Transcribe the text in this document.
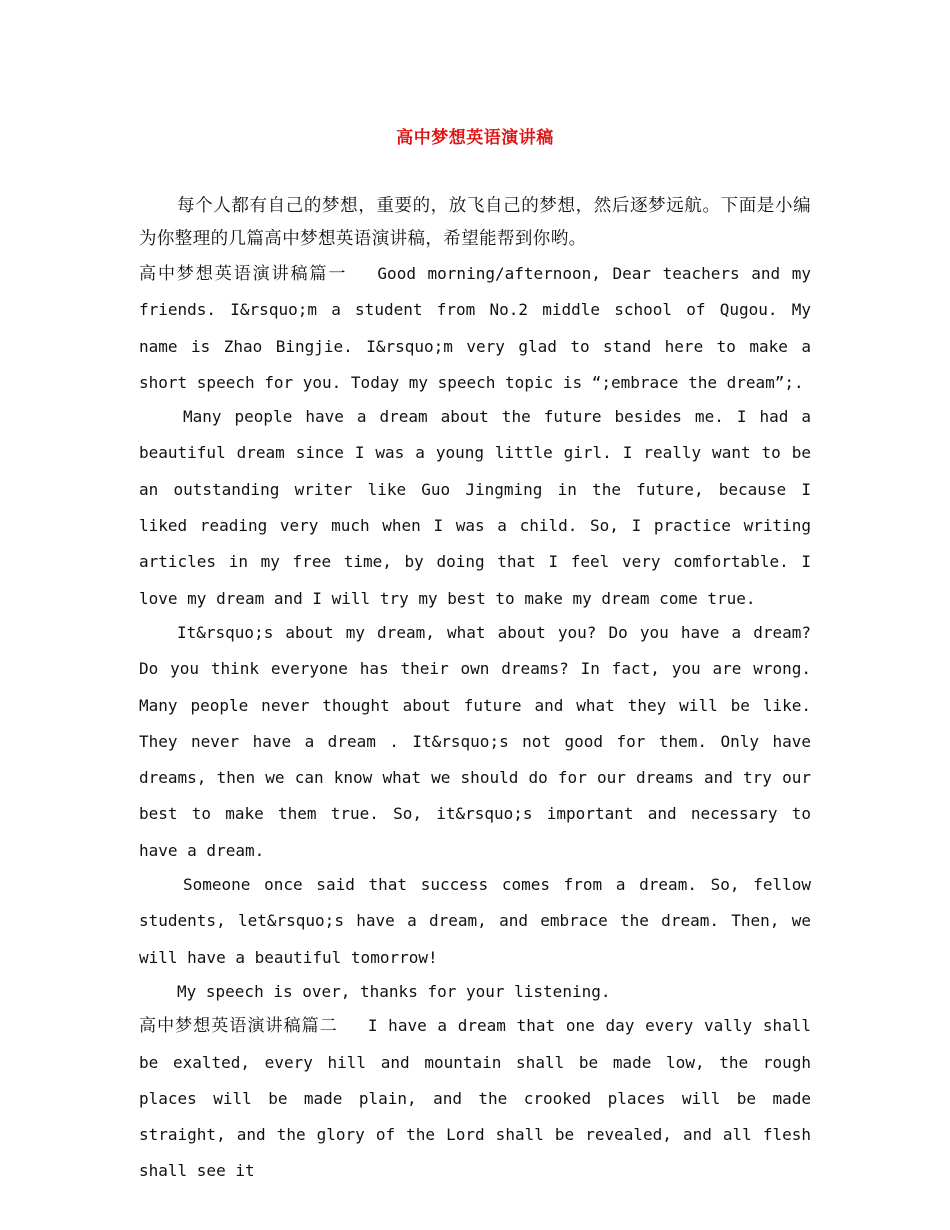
高中梦想英语演讲稿

每个人都有自己的梦想，重要的，放飞自己的梦想，然后逐梦远航。下面是小编为你整理的几篇高中梦想英语演讲稿，希望能帮到你哟。

高中梦想英语演讲稿篇一 Good morning/afternoon, Dear teachers and my friends. I&rsquo;m a student from No.2 middle school of Qugou. My name is Zhao Bingjie. I&rsquo;m very glad to stand here to make a short speech for you. Today my speech topic is “;embrace the dream”;.

Many people have a dream about the future besides me. I had a beautiful dream since I was a young little girl. I really want to be an outstanding writer like Guo Jingming in the future, because I liked reading very much when I was a child. So, I practice writing articles in my free time, by doing that I feel very comfortable. I love my dream and I will try my best to make my dream come true.

It&rsquo;s about my dream, what about you? Do you have a dream? Do you think everyone has their own dreams? In fact, you are wrong. Many people never thought about future and what they will be like. They never have a dream . It&rsquo;s not good for them. Only have dreams, then we can know what we should do for our dreams and try our best to make them true. So, it&rsquo;s important and necessary to have a dream.

Someone once said that success comes from a dream. So, fellow students, let&rsquo;s have a dream, and embrace the dream. Then, we will have a beautiful tomorrow!

My speech is over, thanks for your listening.

高中梦想英语演讲稿篇二 I have a dream that one day every vally shall be exalted, every hill and mountain shall be made low, the rough places will be made plain, and the crooked places will be made straight, and the glory of the Lord shall be revealed, and all flesh shall see it
